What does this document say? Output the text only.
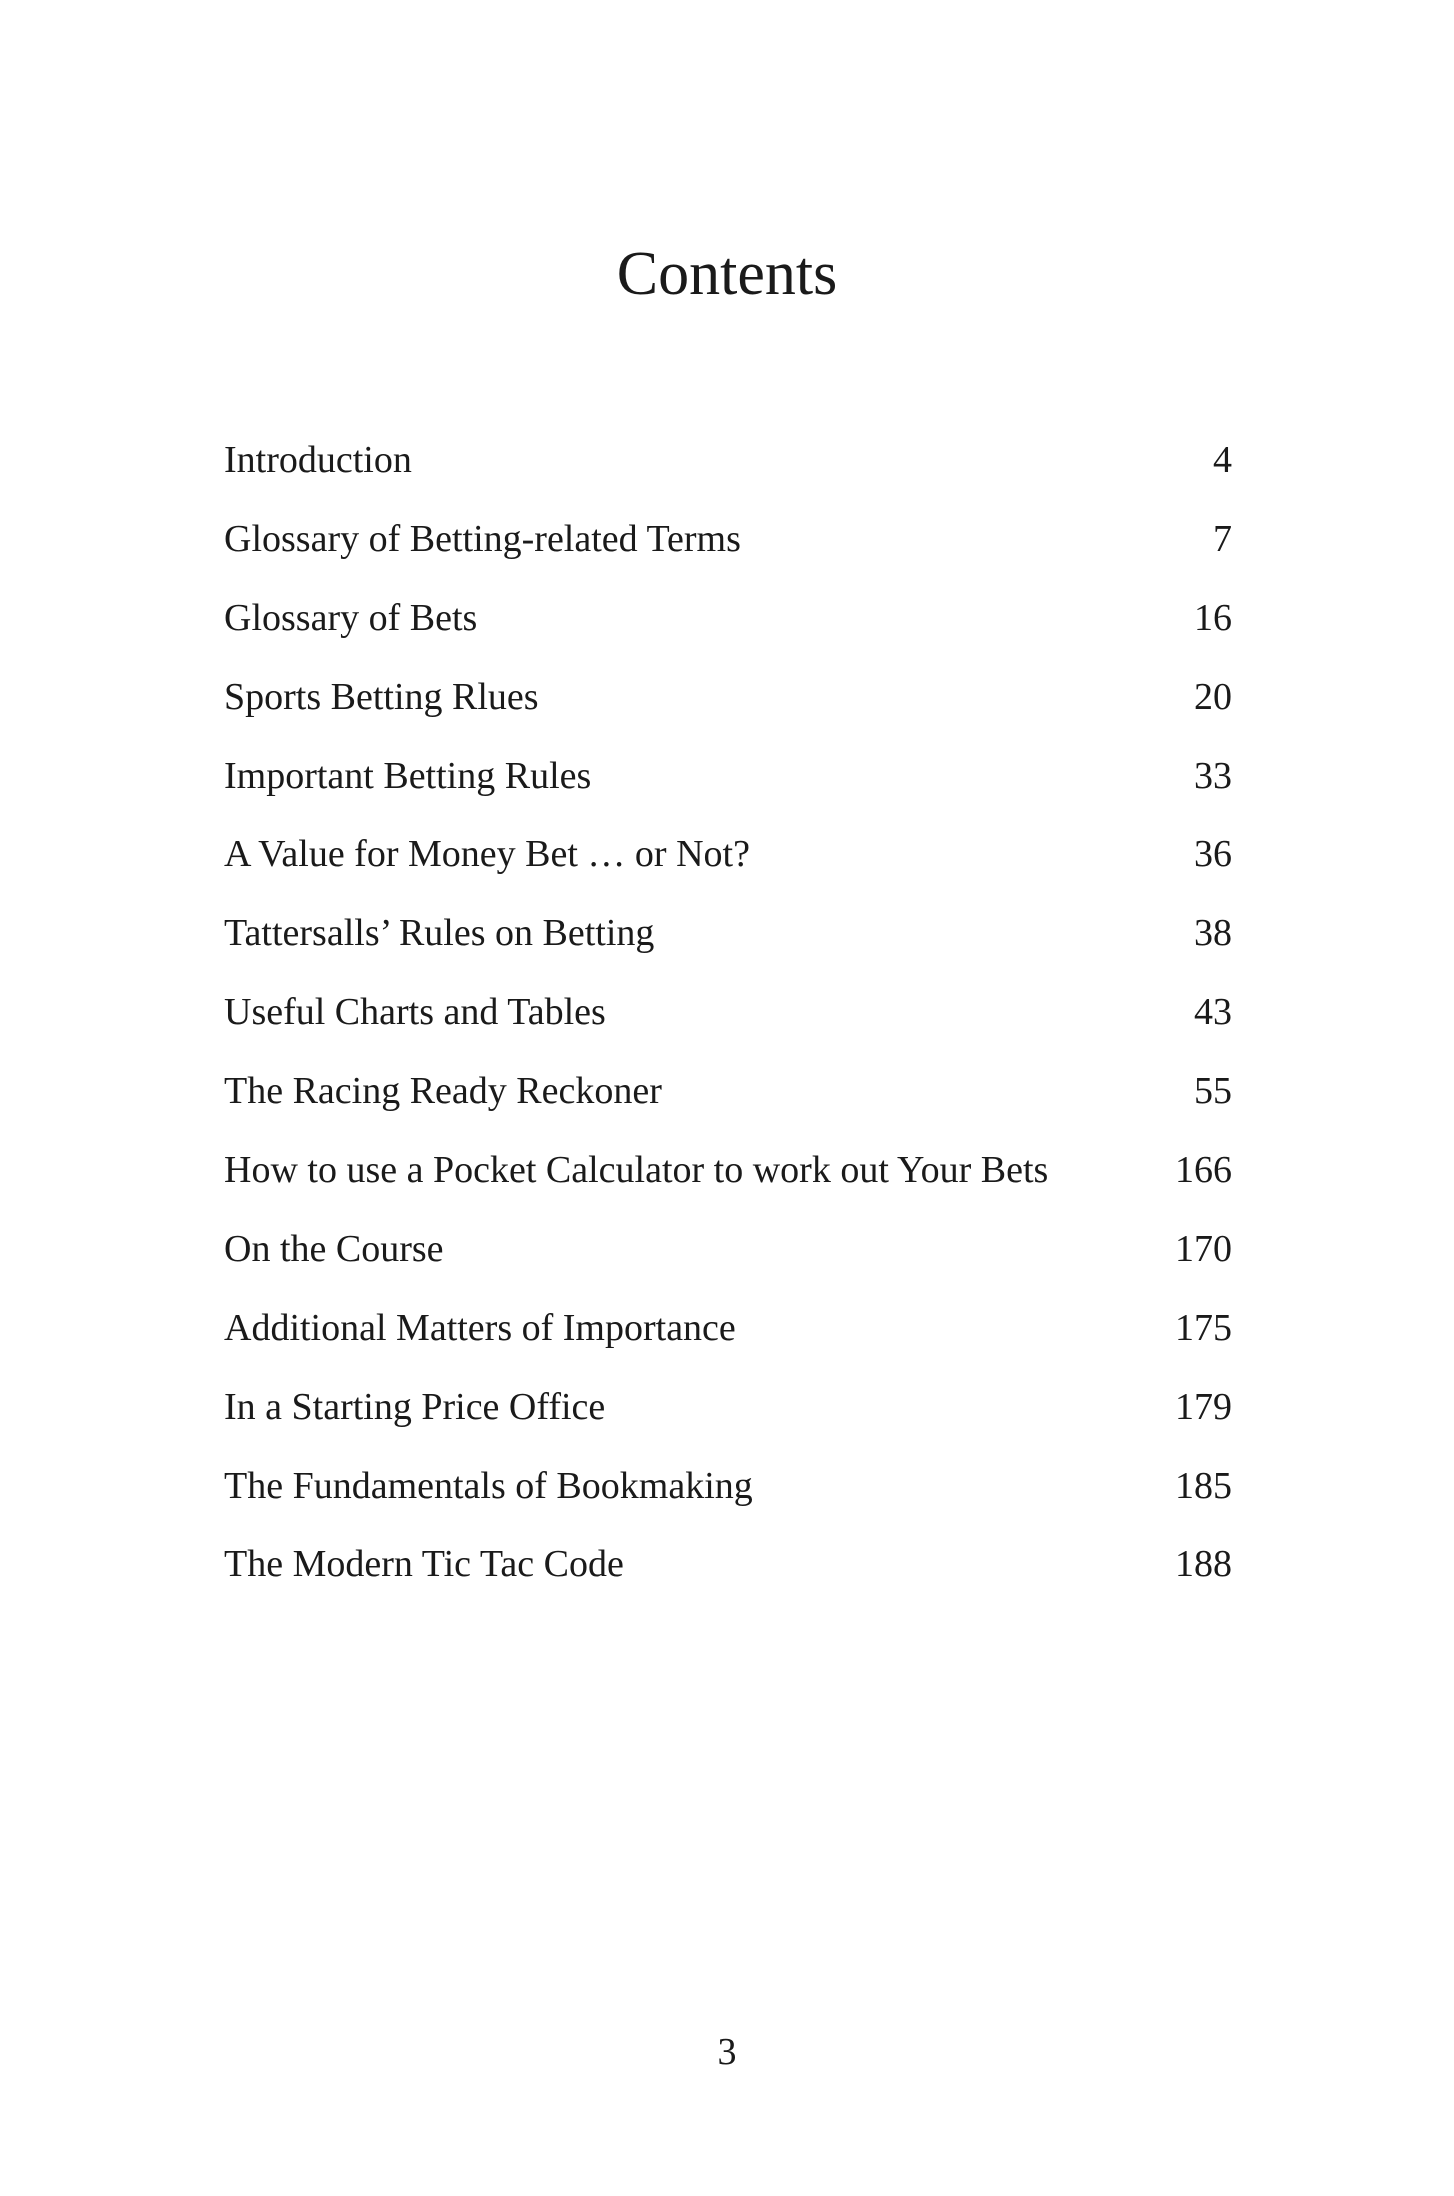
Contents
Introduction	4
Glossary of Betting-related Terms	7
Glossary of Bets	16
Sports Betting Rlues	20
Important Betting Rules	33
A Value for Money Bet … or Not?	36
Tattersalls’ Rules on Betting	38
Useful Charts and Tables	43
The Racing Ready Reckoner	55
How to use a Pocket Calculator to work out Your Bets	166
On the Course	170
Additional Matters of Importance	175
In a Starting Price Office	179
The Fundamentals of Bookmaking	185
The Modern Tic Tac Code	188
3
